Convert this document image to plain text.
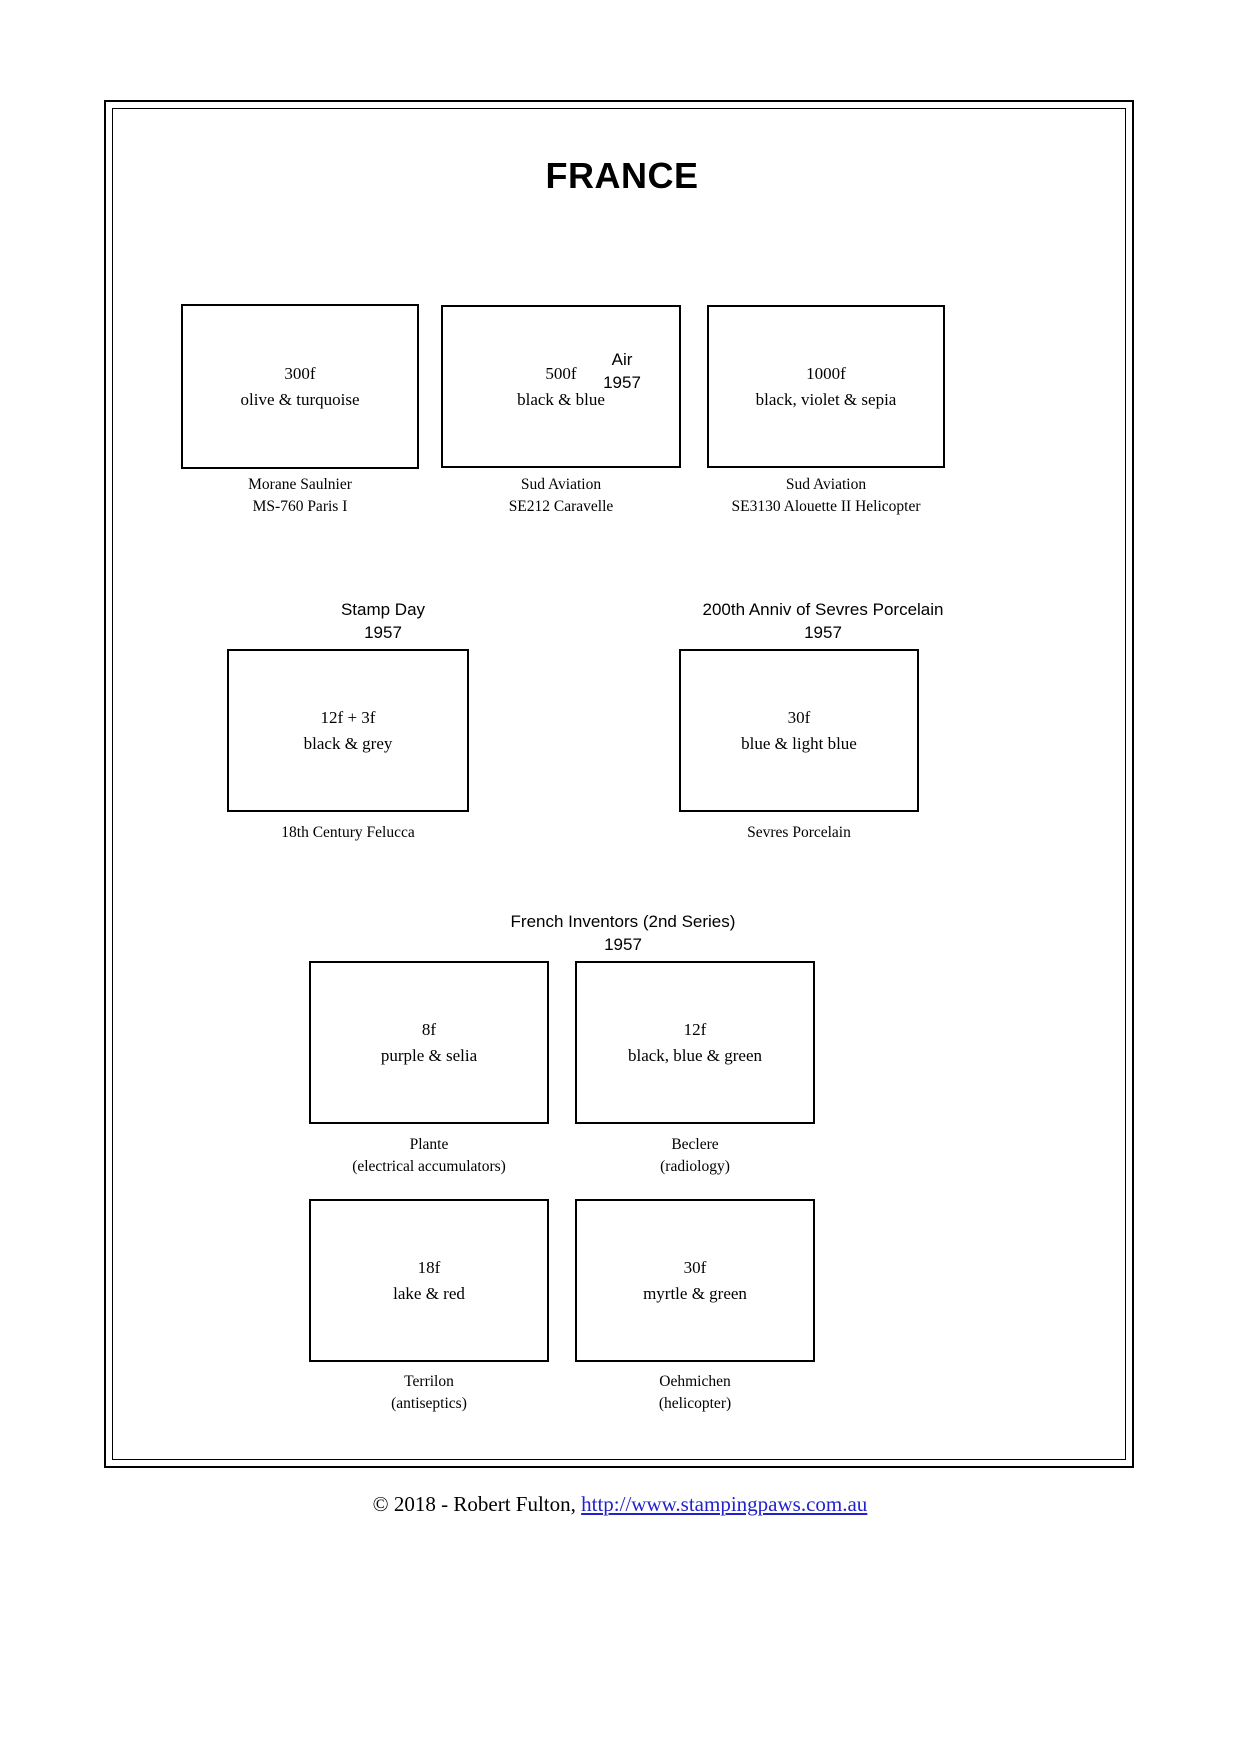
FRANCE
Air
1957
300f
olive & turquoise
Morane Saulnier
MS-760 Paris I
500f
black & blue
Sud Aviation
SE212 Caravelle
1000f
black, violet & sepia
Sud Aviation
SE3130 Alouette II Helicopter
Stamp Day
1957
12f + 3f
black & grey
18th Century Felucca
200th Anniv of Sevres Porcelain
1957
30f
blue & light blue
Sevres Porcelain
French Inventors (2nd Series)
1957
8f
purple & selia
Plante
(electrical accumulators)
12f
black, blue & green
Beclere
(radiology)
18f
lake & red
Terrilon
(antiseptics)
30f
myrtle & green
Oehmichen
(helicopter)
© 2018 - Robert Fulton, http://www.stampingpaws.com.au
